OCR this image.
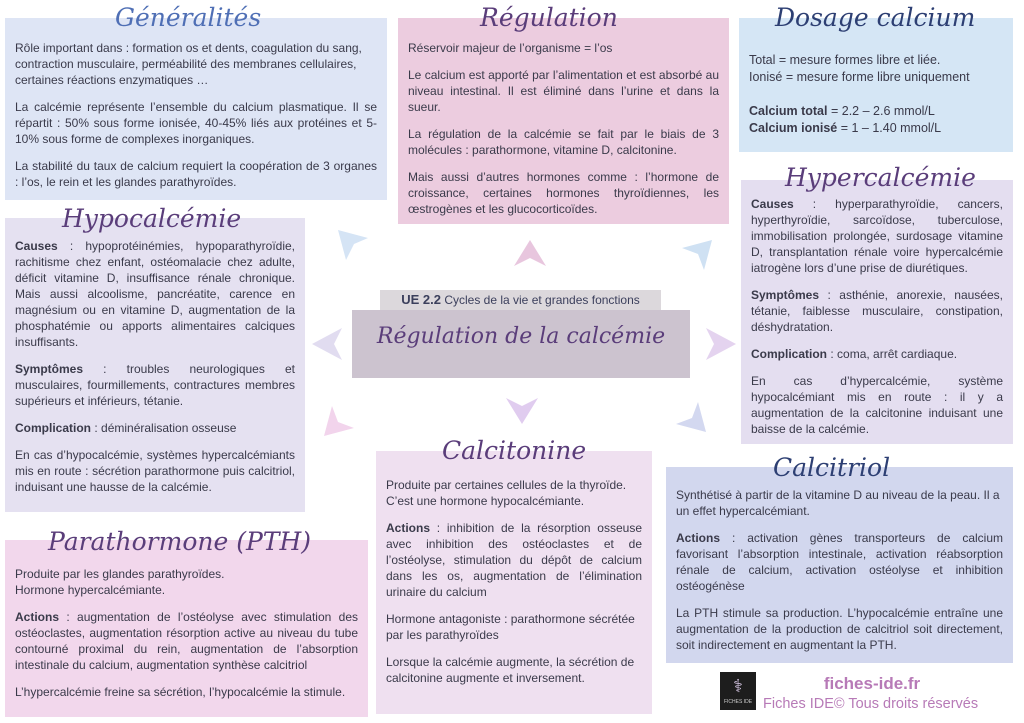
Généralités	Régulation	Dosage calcium
Hypocalcémie
Hypercalcémie
Calcitonine
Calcitriol
Parathormone (PTH)

Rôle important dans : formation os et dents, coagulation du sang, contraction musculaire, perméabilité des membranes cellulaires, certaines réactions enzymatiques …

La calcémie représente l’ensemble du calcium plasmatique. Il se répartit : 50% sous forme ionisée, 40-45% liés aux protéines et 5-10% sous forme de complexes inorganiques.

La stabilité du taux de calcium requiert la coopération de 3 organes : l’os, le rein et les glandes parathyroïdes.

Réservoir majeur de l’organisme = l’os

Le calcium est apporté par l’alimentation et est absorbé au niveau intestinal. Il est éliminé dans l’urine et dans la sueur.

La régulation de la calcémie se fait par le biais de 3 molécules : parathormone, vitamine D, calcitonine.

Mais aussi d’autres hormones comme : l’hormone de croissance, certaines hormones thyroïdiennes, les œstrogènes et les glucocorticoïdes.

Total = mesure formes libre et liée.
Ionisé = mesure forme libre uniquement
Calcium total = 2.2 – 2.6 mmol/L
Calcium ionisé = 1 – 1.40 mmol/L

Causes : hypoprotéinémies, hypoparathyroïdie, rachitisme chez enfant, ostéomalacie chez adulte, déficit vitamine D, insuffisance rénale chronique. Mais aussi alcoolisme, pancréatite, carence en magnésium ou en vitamine D, augmentation de la phosphatémie ou apports alimentaires calciques insuffisants.

Symptômes : troubles neurologiques et musculaires, fourmillements, contractures membres supérieurs et inférieurs, tétanie.

Complication : déminéralisation osseuse

En cas d’hypocalcémie, systèmes hypercalcémiants mis en route : sécrétion parathormone puis calcitriol, induisant une hausse de la calcémie.

Causes : hyperparathyroïdie, cancers, hyperthyroïdie, sarcoïdose, tuberculose, immobilisation prolongée, surdosage vitamine D, transplantation rénale voire hypercalcémie iatrogène lors d’une prise de diurétiques.

Symptômes : asthénie, anorexie, nausées, tétanie, faiblesse musculaire, constipation, déshydratation.

Complication : coma, arrêt cardiaque.

En cas d’hypercalcémie, système hypocalcémiant mis en route : il y a augmentation de la calcitonine induisant une baisse de la calcémie.

UE 2.2 Cycles de la vie et grandes fonctions
Régulation de la calcémie

Produite par certaines cellules de la thyroïde. C’est une hormone hypocalcémiante.

Actions : inhibition de la résorption osseuse avec inhibition des ostéoclastes et de l’ostéolyse, stimulation du dépôt de calcium dans les os, augmentation de l’élimination urinaire du calcium

Hormone antagoniste : parathormone sécrétée par les parathyroïdes

Lorsque la calcémie augmente, la sécrétion de calcitonine augmente et inversement.

Synthétisé à partir de la vitamine D au niveau de la peau. Il a un effet hypercalcémiant.

Actions : activation gènes transporteurs de calcium favorisant l’absorption intestinale, activation réabsorption rénale de calcium, activation ostéolyse et inhibition ostéogénèse

La PTH stimule sa production. L’hypocalcémie entraîne une augmentation de la production de calcitriol soit directement, soit indirectement en augmentant la PTH.

Produite par les glandes parathyroïdes.
Hormone hypercalcémiante.

Actions : augmentation de l’ostéolyse avec stimulation des ostéoclastes, augmentation résorption active au niveau du tube contourné proximal du rein, augmentation de l’absorption intestinale du calcium, augmentation synthèse calcitriol

L’hypercalcémie freine sa sécrétion, l’hypocalcémie la stimule.	⚕
FICHES IDE
fiches-ide.fr
Fiches IDE© Tous droits réservés
